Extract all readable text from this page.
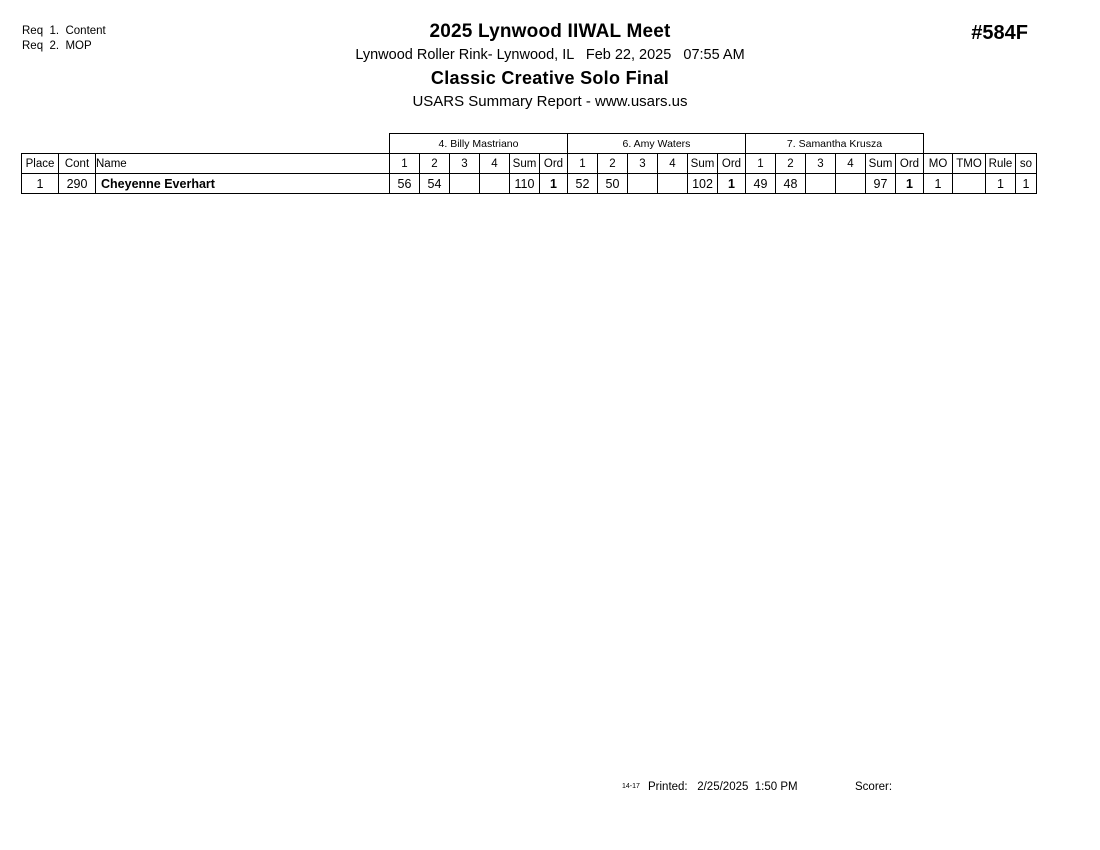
Req  1.  Content
Req  2.  MOP
2025 Lynwood IIWAL Meet
Lynwood Roller Rink- Lynwood, IL   Feb 22, 2025   07:55 AM
Classic Creative Solo Final
USARS Summary Report - www.usars.us
#584F
			4. Billy Mastriano						6. Amy Waters						7. Samantha Krusza									
Place	Cont	Name	1	2	3	4	Sum	Ord	1	2	3	4	Sum	Ord	1	2	3	4	Sum	Ord	MO	TMO	Rule	so
1	290	Cheyenne Everhart	56	54			110	1	52	50			102	1	49	48			97	1	1		1	1
14-17 Printed:   2/25/2025  1:50 PM	Scorer:
